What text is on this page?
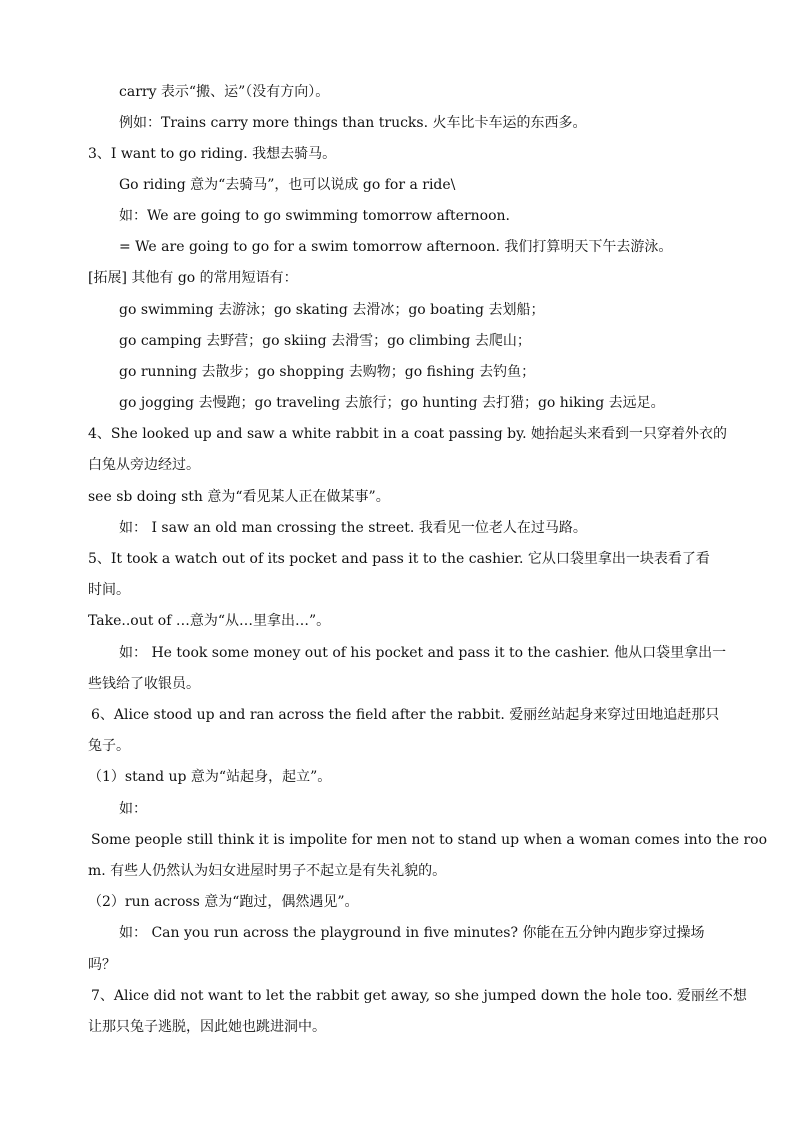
carry 表示“搬、运”（没有方向）。
例如：Trains carry more things than trucks. 火车比卡车运的东西多。
3、I want to go riding. 我想去骑马。
Go riding 意为“去骑马”，也可以说成 go for a ride\
如：We are going to go swimming tomorrow afternoon.
= We are going to go for a swim tomorrow afternoon. 我们打算明天下午去游泳。
[拓展] 其他有 go 的常用短语有：
go swimming 去游泳；go skating 去滑冰；go boating 去划船；
go camping 去野营；go skiing 去滑雪；go climbing 去爬山；
go running 去散步；go shopping 去购物；go fishing 去钓鱼；
go jogging 去慢跑；go traveling 去旅行；go hunting 去打猎；go hiking 去远足。
4、She looked up and saw a white rabbit in a coat passing by. 她抬起头来看到一只穿着外衣的
白兔从旁边经过。
see sb doing sth 意为“看见某人正在做某事”。
如： I saw an old man crossing the street. 我看见一位老人在过马路。
5、It took a watch out of its pocket and pass it to the cashier. 它从口袋里拿出一块表看了看
时间。
Take..out of …意为“从…里拿出…”。
如： He took some money out of his pocket and pass it to the cashier. 他从口袋里拿出一
些钱给了收银员。
6、Alice stood up and ran across the field after the rabbit. 爱丽丝站起身来穿过田地追赶那只
兔子。
（1）stand up 意为“站起身，起立”。
如：
Some people still think it is impolite for men not to stand up when a woman comes into the roo
m. 有些人仍然认为妇女进屋时男子不起立是有失礼貌的。
（2）run across 意为“跑过，偶然遇见”。
如： Can you run across the playground in five minutes? 你能在五分钟内跑步穿过操场
吗？
7、Alice did not want to let the rabbit get away, so she jumped down the hole too. 爱丽丝不想
让那只兔子逃脱，因此她也跳进洞中。
